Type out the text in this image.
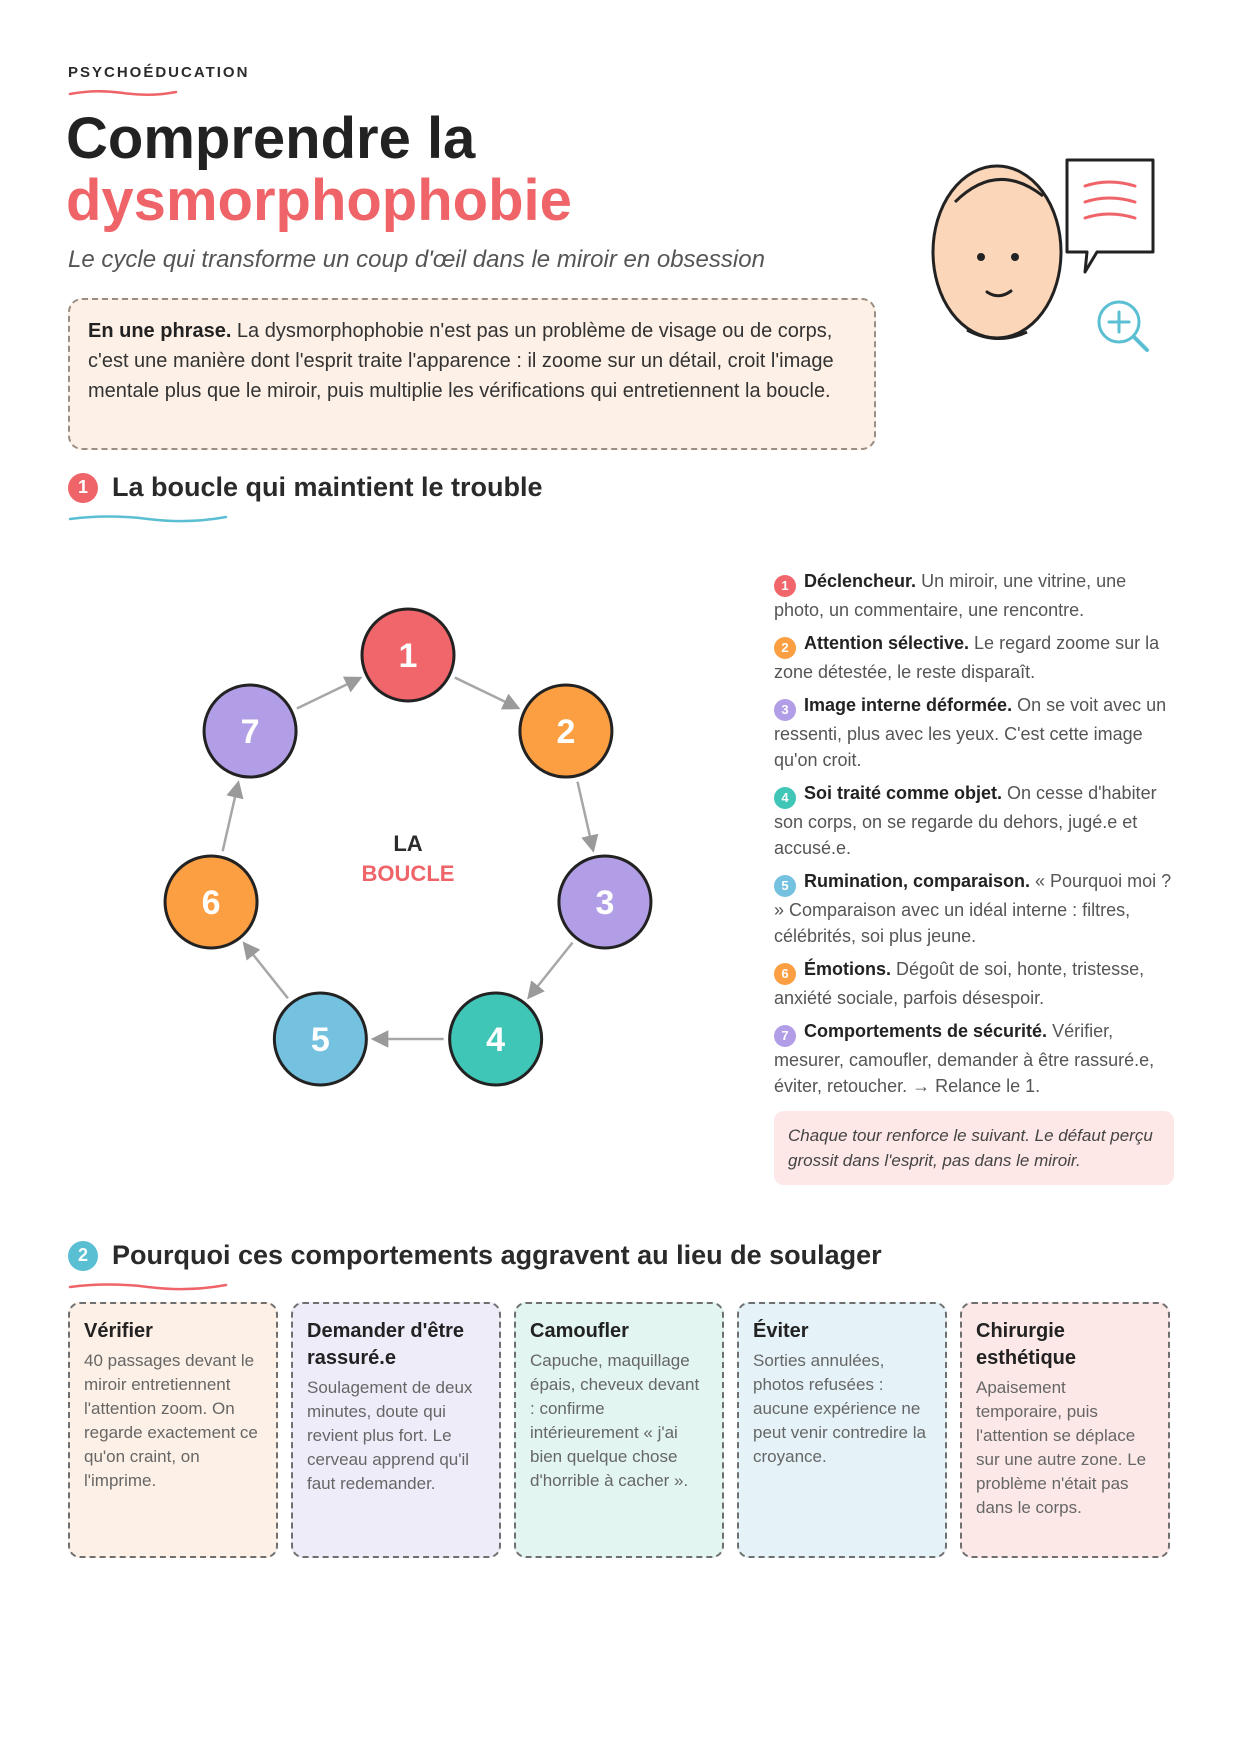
PSYCHOÉDUCATION
Comprendre la
dysmorphophobie
Le cycle qui transforme un coup d'œil dans le miroir en obsession
En une phrase. La dysmorphophobie n'est pas un problème de visage ou de corps, c'est une manière dont l'esprit traite l'apparence : il zoome sur un détail, croit l'image mentale plus que le miroir, puis multiplie les vérifications qui entretiennent la boucle.
1 La boucle qui maintient le trouble
1
2
3
4
5
6
7
LA
BOUCLE
1 Déclencheur. Un miroir, une vitrine, une photo, un commentaire, une rencontre.
2 Attention sélective. Le regard zoome sur la zone détestée, le reste disparaît.
3 Image interne déformée. On se voit avec un ressenti, plus avec les yeux. C'est cette image qu'on croit.
4 Soi traité comme objet. On cesse d'habiter son corps, on se regarde du dehors, jugé.e et accusé.e.
5 Rumination, comparaison. « Pourquoi moi ? » Comparaison avec un idéal interne : filtres, célébrités, soi plus jeune.
6 Émotions. Dégoût de soi, honte, tristesse, anxiété sociale, parfois désespoir.
7 Comportements de sécurité. Vérifier, mesurer, camoufler, demander à être rassuré.e, éviter, retoucher. → Relance le 1.
Chaque tour renforce le suivant. Le défaut perçu grossit dans l'esprit, pas dans le miroir.
2 Pourquoi ces comportements aggravent au lieu de soulager
Vérifier

40 passages devant le miroir entretiennent l'attention zoom. On regarde exactement ce qu'on craint, on l'imprime.

Demander d'être rassuré.e

Soulagement de deux minutes, doute qui revient plus fort. Le cerveau apprend qu'il faut redemander.

Camoufler

Capuche, maquillage épais, cheveux devant : confirme intérieurement « j'ai bien quelque chose d'horrible à cacher ».

Éviter

Sorties annulées, photos refusées : aucune expérience ne peut venir contredire la croyance.

Chirurgie esthétique

Apaisement temporaire, puis l'attention se déplace sur une autre zone. Le problème n'était pas dans le corps.
